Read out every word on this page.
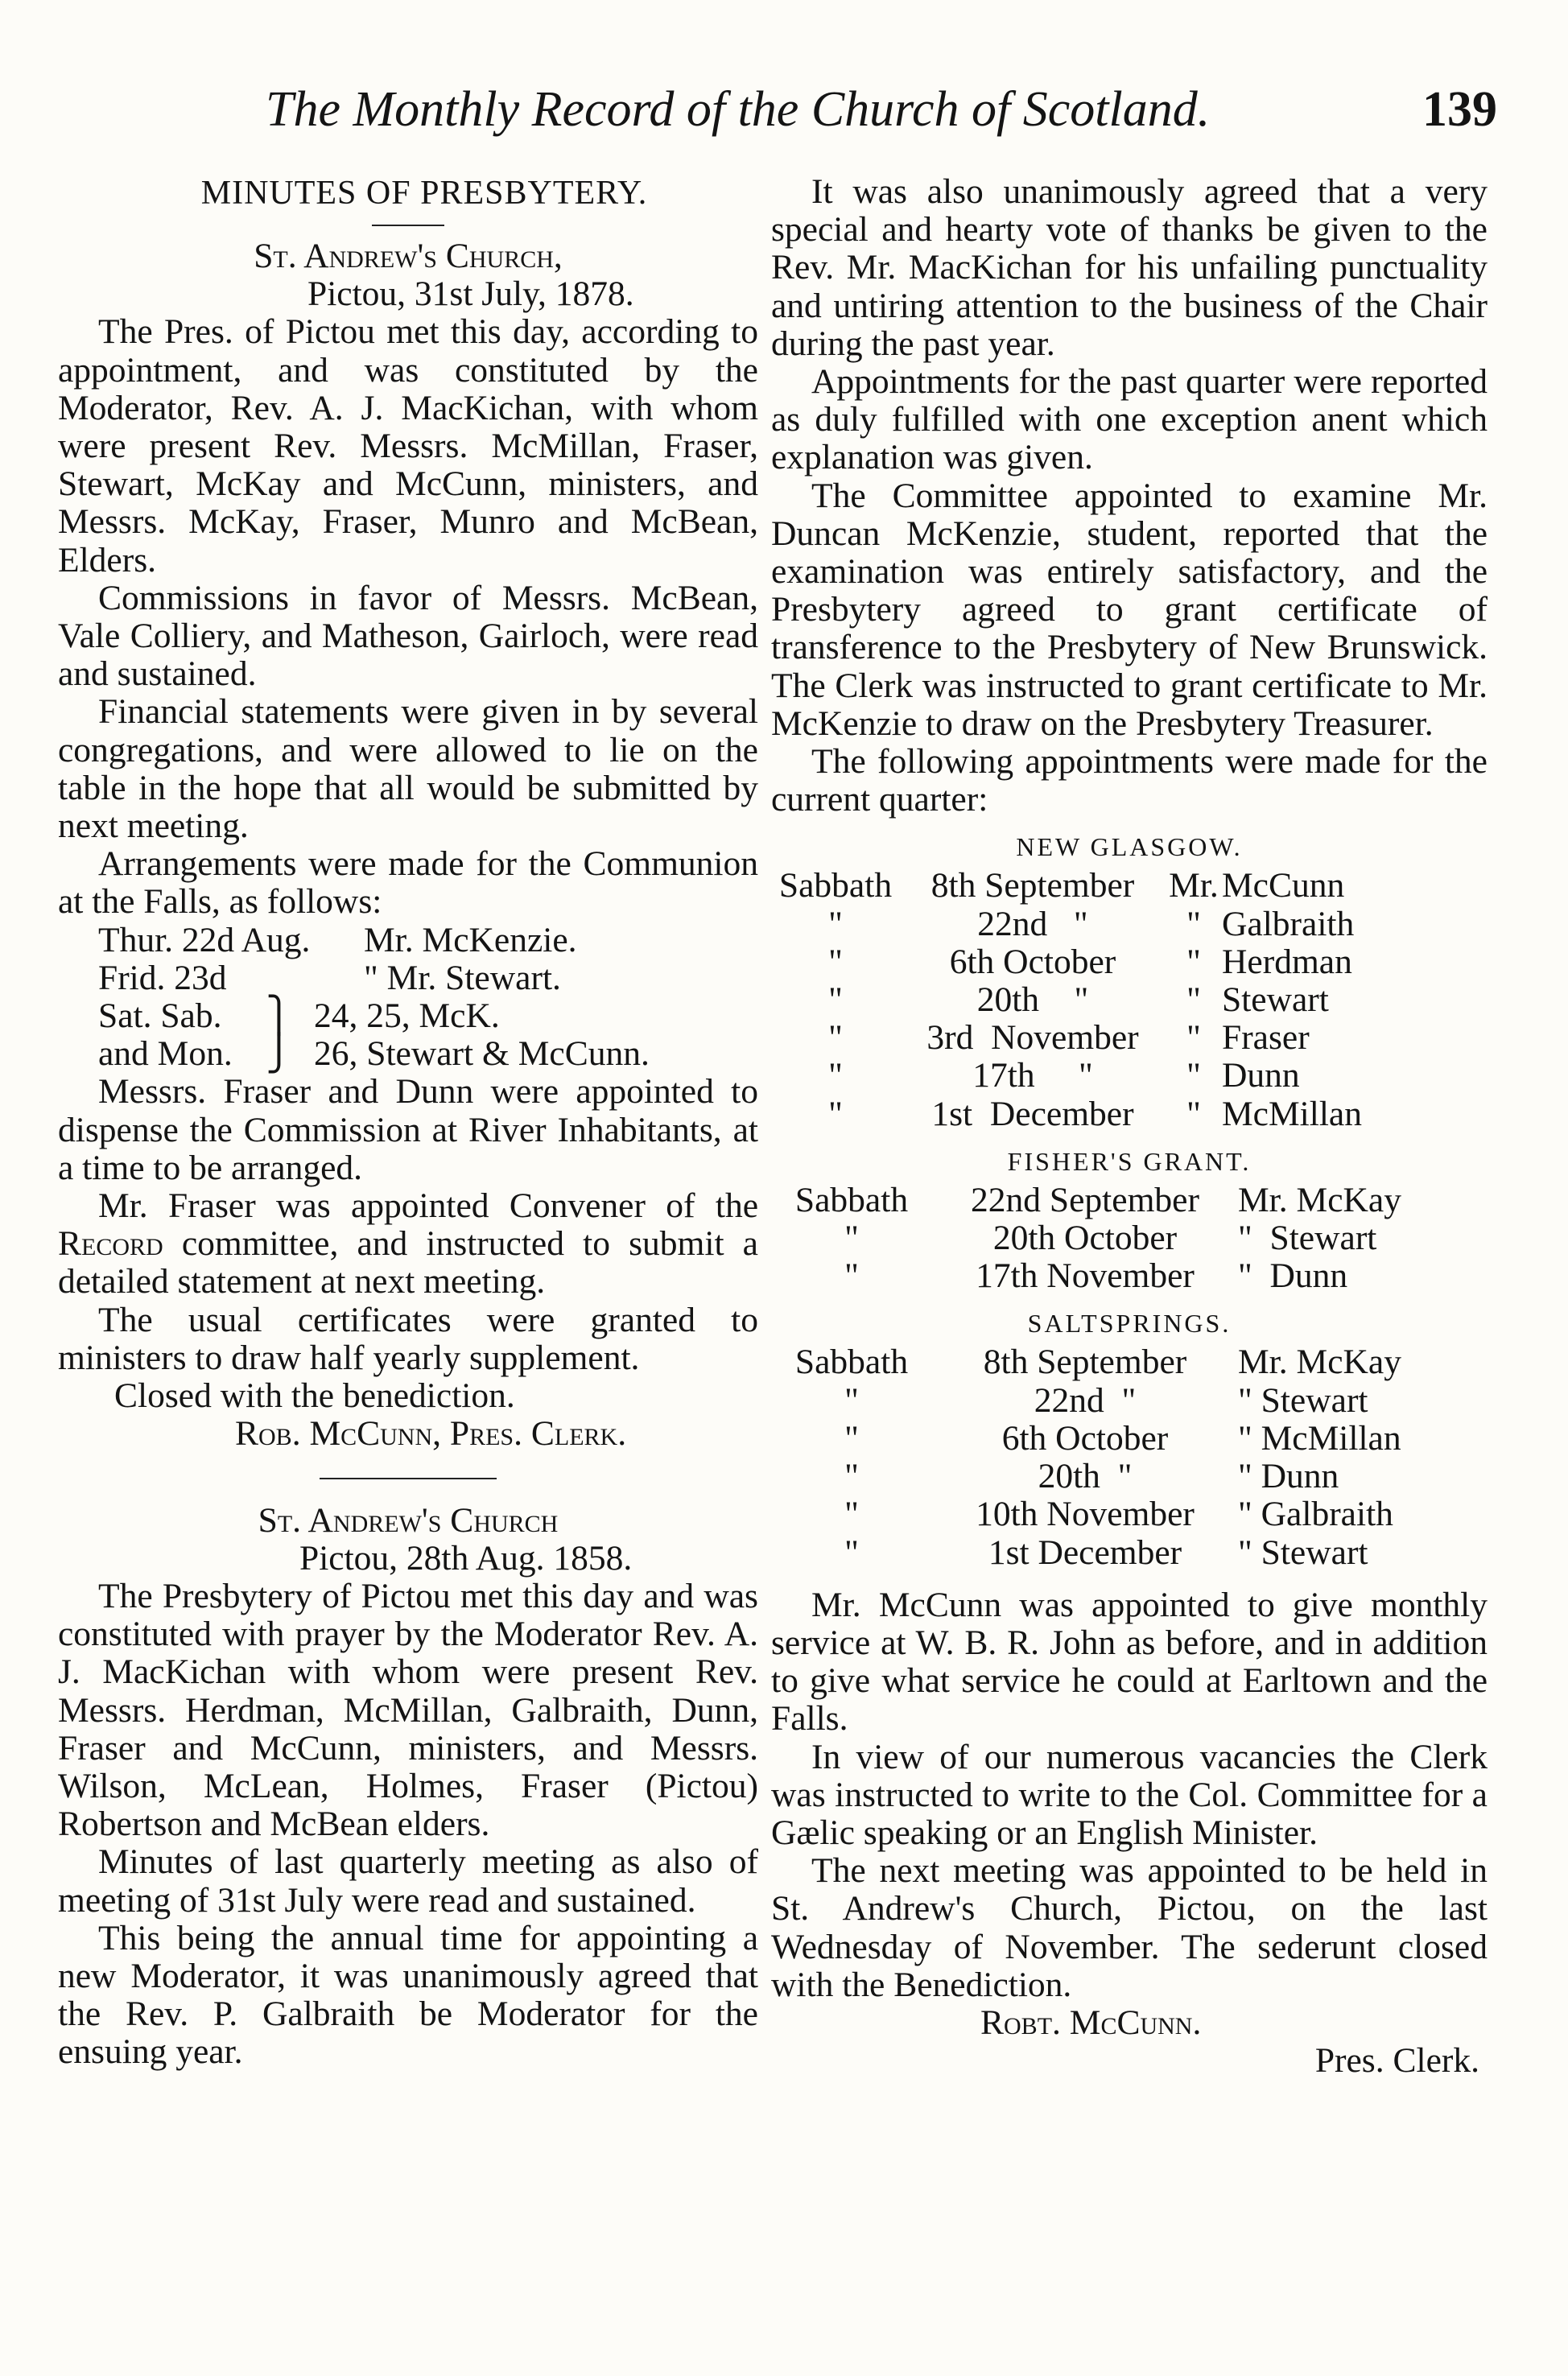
The Monthly Record of the Church of Scotland.	139

MINUTES OF PRESBYTERY.

St. Andrew's Church,

Pictou, 31st July, 1878.

The Pres. of Pictou met this day, according to appointment, and was constituted by the Moderator, Rev. A. J. MacKichan, with whom were present Rev. Messrs. McMillan, Fraser, Stewart, McKay and McCunn, ministers, and Messrs. McKay, Fraser, Munro and McBean, Elders.

Commissions in favor of Messrs. McBean, Vale Colliery, and Matheson, Gairloch, were read and sustained.

Financial statements were given in by several congregations, and were allowed to lie on the table in the hope that all would be submitted by next meeting.

Arrangements were made for the Communion at the Falls, as follows:

Thur. 22d Aug.	Mr. McKenzie.
Frid. 23d	" Mr. Stewart.
Sat. Sab.	⎫ 24, 25, McK.
and Mon. ⎭ 26, Stewart & McCunn.

Messrs. Fraser and Dunn were appointed to dispense the Commission at River Inhabitants, at a time to be arranged.

Mr. Fraser was appointed Convener of the Record committee, and instructed to submit a detailed statement at next meeting.

The usual certificates were granted to ministers to draw half yearly supplement.

Closed with the benediction.

Rob. McCunn, Pres. Clerk.

St. Andrew's Church

Pictou, 28th Aug. 1858.

The Presbytery of Pictou met this day and was constituted with prayer by the Moderator Rev. A. J. MacKichan with whom were present Rev. Messrs. Herdman, McMillan, Galbraith, Dunn, Fraser and McCunn, ministers, and Messrs. Wilson, McLean, Holmes, Fraser (Pictou) Robertson and McBean elders.

Minutes of last quarterly meeting as also of meeting of 31st July were read and sustained.

This being the annual time for appointing a new Moderator, it was unanimously agreed that the Rev. P. Galbraith be Moderator for the ensuing year.

It was also unanimously agreed that a very special and hearty vote of thanks be given to the Rev. Mr. MacKichan for his unfailing punctuality and untiring attention to the business of the Chair during the past year.

Appointments for the past quarter were reported as duly fulfilled with one exception anent which explanation was given.

The Committee appointed to examine Mr. Duncan McKenzie, student, reported that the examination was entirely satisfactory, and the Presbytery agreed to grant certificate of transference to the Presbytery of New Brunswick. The Clerk was instructed to grant certificate to Mr. McKenzie to draw on the Presbytery Treasurer.

The following appointments were made for the current quarter:

NEW GLASGOW.
Sabbath	8th September Mr. McCunn
"	22nd   "	" Galbraith
"	6th October	" Herdman
"	20th    "	" Stewart
"	3rd  November	" Fraser
"	17th     "	" Dunn
"	1st  December	" McMillan
FISHER'S GRANT.
Sabbath	22nd September	Mr. McKay
"	20th October	"  Stewart
"	17th November	"  Dunn
SALTSPRINGS.
Sabbath	8th September	Mr. McKay
"	22nd  "	" Stewart
"	6th October	" McMillan
"	20th  "	" Dunn
"	10th November	" Galbraith
"	1st December	" Stewart

Mr. McCunn was appointed to give monthly service at W. B. R. John as before, and in addition to give what service he could at Earltown and the Falls.

In view of our numerous vacancies the Clerk was instructed to write to the Col. Committee for a Gælic speaking or an English Minister.

The next meeting was appointed to be held in St. Andrew's Church, Pictou, on the last Wednesday of November. The sederunt closed with the Benediction.

Robt. McCunn.

Pres. Clerk.
